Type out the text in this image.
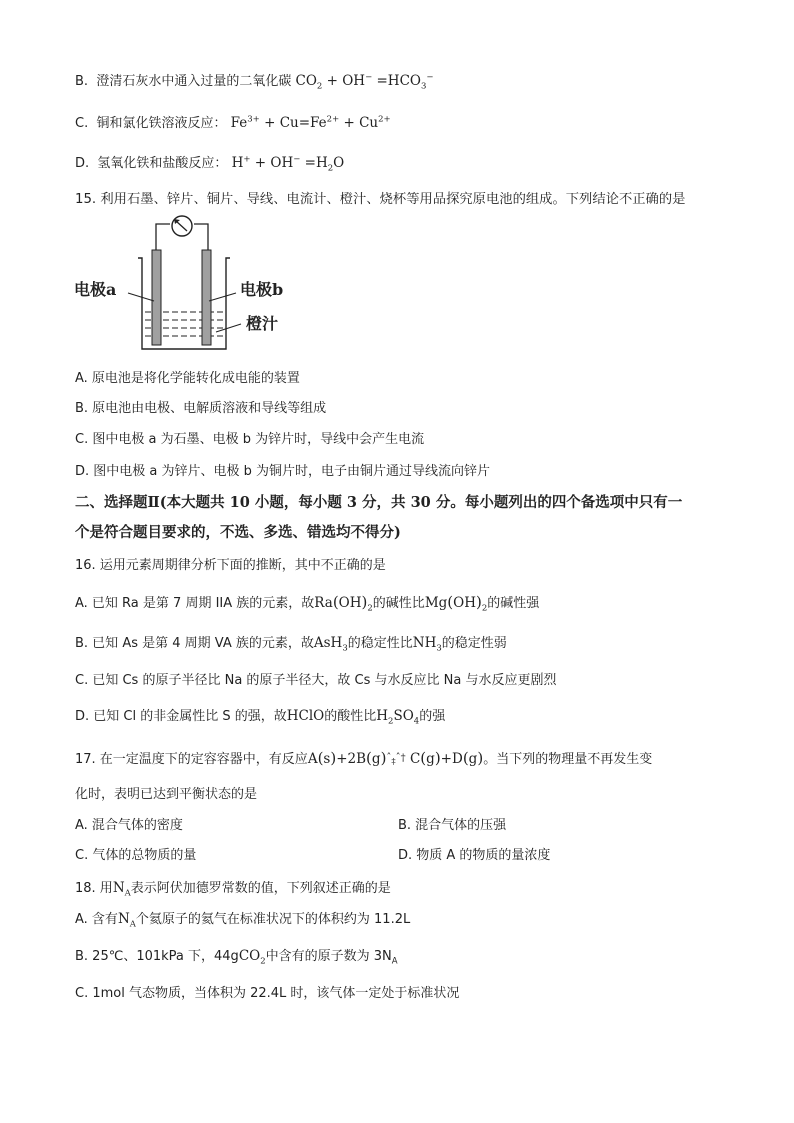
B. 澄清石灰水中通入过量的二氧化碳 $CO_2 + OH^- =HCO_3^-$
C. 铜和氯化铁溶液反应： $Fe^{3+} + Cu=Fe^{2+} + Cu^{2+}$
D. 氢氧化铁和盐酸反应： $H^+ + OH^- =H_2O$
15. 利用石墨、锌片、铜片、导线、电流计、橙汁、烧杯等用品探究原电池的组成。下列结论不正确的是
电极a	电极b
橙汁
A. 原电池是将化学能转化成电能的装置
B. 原电池由电极、电解质溶液和导线等组成
C. 图中电极 a 为石墨、电极 b 为锌片时，导线中会产生电流
D. 图中电极 a 为锌片、电极 b 为铜片时，电子由铜片通过导线流向锌片
二、选择题Ⅱ(本大题共 10 小题，每小题 3 分，共 30 分。每小题列出的四个备选项中只有一
个是符合题目要求的，不选、多选、错选均不得分)
16. 运用元素周期律分析下面的推断，其中不正确的是
A. 已知 Ra 是第 7 周期 IIA 族的元素，故$Ra(OH)_2$的碱性比$Mg(OH)_2$的碱性强
B. 已知 As 是第 4 周期 VA 族的元素，故AsH$_3$的稳定性比$NH_3$的稳定性弱
C. 已知 Cs 的原子半径比 Na 的原子半径大，故 Cs 与水反应比 Na 与水反应更剧烈
D. 已知 Cl 的非金属性比 S 的强，故HClO的酸性比$H_2SO_4$的强
17. 在一定温度下的定容容器中，有反应A(s)+2B(g)ˆ$_\ddagger$ˆ† C(g)+D(g)。当下列的物理量不再发生变
化时，表明已达到平衡状态的是
A. 混合气体的密度	B. 混合气体的压强
C. 气体的总物质的量	D. 物质 A 的物质的量浓度
18. 用$N_A$表示阿伏加德罗常数的值，下列叙述正确的是
A. 含有$N_A$个氦原子的氦气在标准状况下的体积约为 11.2L
B. 25℃、101kPa 下，44gCO$_2$中含有的原子数为 $3N_A$
C. 1mol 气态物质，当体积为 22.4L 时，该气体一定处于标准状况
